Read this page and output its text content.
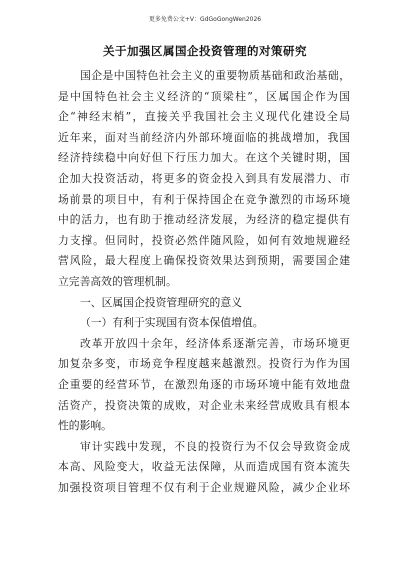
更多免费公文+V：GdGoGongWen2026
关于加强区属国企投资管理的对策研究
国企是中国特色社会主义的重要物质基础和政治基础，
是中国特色社会主义经济的“顶梁柱”，区属国企作为国
企“神经末梢”，直接关乎我国社会主义现代化建设全局
近年来，面对当前经济内外部环境面临的挑战增加，我国
经济持续稳中向好但下行压力加大。在这个关键时期，国
企加大投资活动，将更多的资金投入到具有发展潜力、市
场前景的项目中，有利于保持国企在竞争激烈的市场环境
中的活力，也有助于推动经济发展，为经济的稳定提供有
力支撑。但同时，投资必然伴随风险，如何有效地规避经
营风险，最大程度上确保投资效果达到预期，需要国企建
立完善高效的管理机制。
一、区属国企投资管理研究的意义
（一）有利于实现国有资本保值增值。
改革开放四十余年，经济体系逐渐完善，市场环境更
加复杂多变，市场竞争程度越来越激烈。投资行为作为国
企重要的经营环节，在激烈角逐的市场环境中能有效地盘
活资产，投资决策的成败，对企业未来经营成败具有根本
性的影响。
审计实践中发现，不良的投资行为不仅会导致资金成
本高、风险变大，收益无法保障，从而造成国有资本流失
加强投资项目管理不仅有利于企业规避风险，减少企业坏
